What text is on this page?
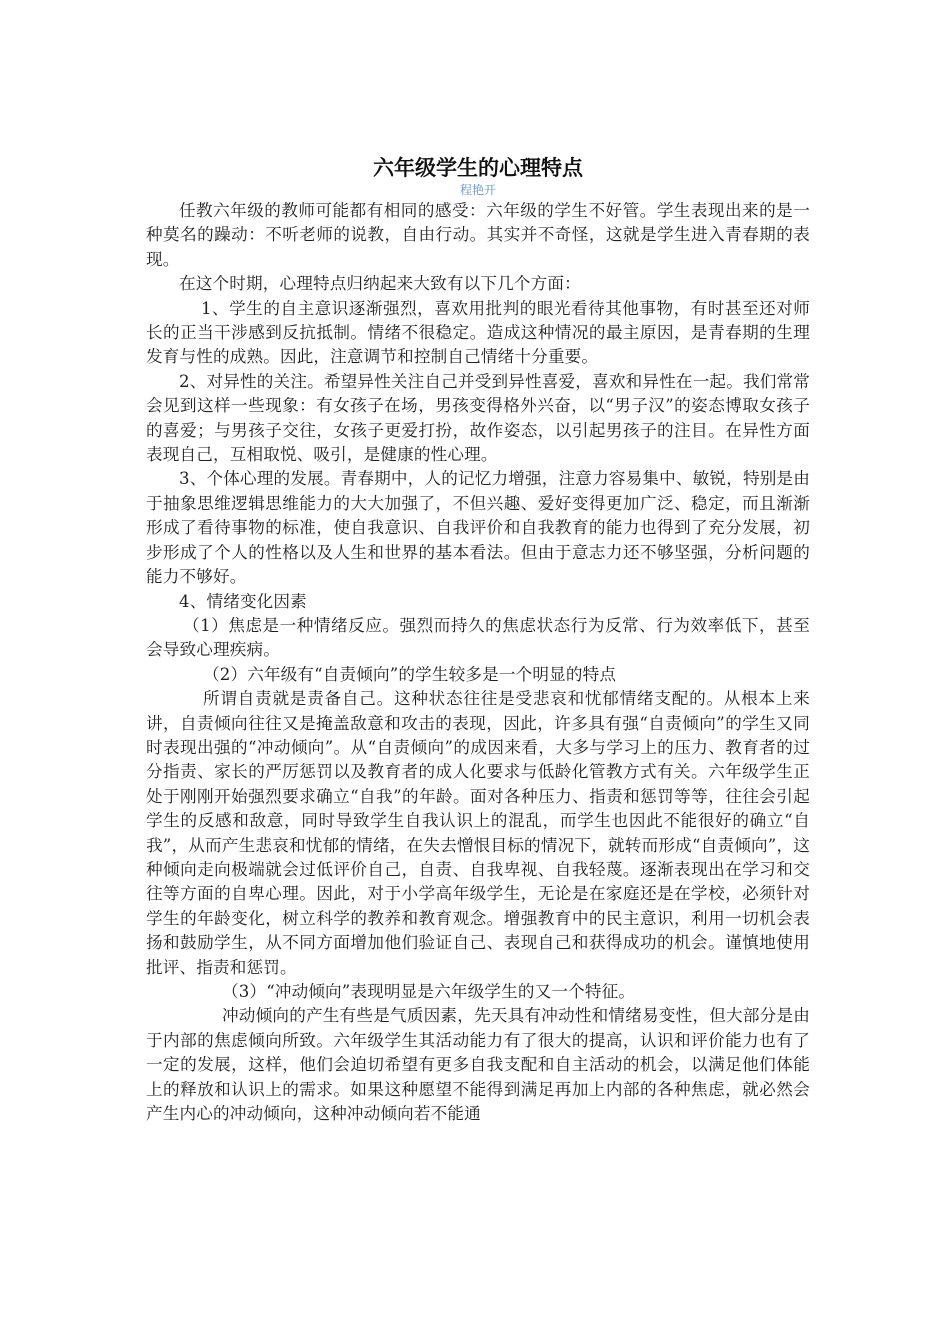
六年级学生的心理特点
程艳开

任教六年级的教师可能都有相同的感受：六年级的学生不好管。学生表现出来的是一种莫名的躁动：不听老师的说教，自由行动。其实并不奇怪，这就是学生进入青春期的表现。

在这个时期，心理特点归纳起来大致有以下几个方面：

1、学生的自主意识逐渐强烈，喜欢用批判的眼光看待其他事物，有时甚至还对师长的正当干涉感到反抗抵制。情绪不很稳定。造成这种情况的最主原因，是青春期的生理发育与性的成熟。因此，注意调节和控制自己情绪十分重要。

2、对异性的关注。希望异性关注自己并受到异性喜爱，喜欢和异性在一起。我们常常会见到这样一些现象：有女孩子在场，男孩变得格外兴奋，以“男子汉”的姿态博取女孩子的喜爱；与男孩子交往，女孩子更爱打扮，故作姿态，以引起男孩子的注目。在异性方面表现自己，互相取悦、吸引，是健康的性心理。

3、个体心理的发展。青春期中，人的记忆力增强，注意力容易集中、敏锐，特别是由于抽象思维逻辑思维能力的大大加强了，不但兴趣、爱好变得更加广泛、稳定，而且渐渐形成了看待事物的标准，使自我意识、自我评价和自我教育的能力也得到了充分发展，初步形成了个人的性格以及人生和世界的基本看法。但由于意志力还不够坚强，分析问题的能力不够好。

4、情绪变化因素

（1）焦虑是一种情绪反应。强烈而持久的焦虑状态行为反常、行为效率低下，甚至会导致心理疾病。

（2）六年级有“自责倾向”的学生较多是一个明显的特点

所谓自责就是责备自己。这种状态往往是受悲哀和忧郁情绪支配的。从根本上来讲，自责倾向往往又是掩盖敌意和攻击的表现，因此，许多具有强“自责倾向”的学生又同时表现出强的“冲动倾向”。从“自责倾向”的成因来看，大多与学习上的压力、教育者的过分指责、家长的严厉惩罚以及教育者的成人化要求与低龄化管教方式有关。六年级学生正处于刚刚开始强烈要求确立“自我”的年龄。面对各种压力、指责和惩罚等等，往往会引起学生的反感和敌意，同时导致学生自我认识上的混乱，而学生也因此不能很好的确立“自我”，从而产生悲哀和忧郁的情绪，在失去憎恨目标的情况下，就转而形成“自责倾向”，这种倾向走向极端就会过低评价自己，自责、自我卑视、自我轻蔑。逐渐表现出在学习和交往等方面的自卑心理。因此，对于小学高年级学生，无论是在家庭还是在学校，必须针对学生的年龄变化，树立科学的教养和教育观念。增强教育中的民主意识，利用一切机会表扬和鼓励学生，从不同方面增加他们验证自己、表现自己和获得成功的机会。谨慎地使用批评、指责和惩罚。

（3）“冲动倾向”表现明显是六年级学生的又一个特征。

冲动倾向的产生有些是气质因素，先天具有冲动性和情绪易变性，但大部分是由于内部的焦虑倾向所致。六年级学生其活动能力有了很大的提高，认识和评价能力也有了一定的发展，这样，他们会迫切希望有更多自我支配和自主活动的机会，以满足他们体能上的释放和认识上的需求。如果这种愿望不能得到满足再加上内部的各种焦虑，就必然会产生内心的冲动倾向，这种冲动倾向若不能通
